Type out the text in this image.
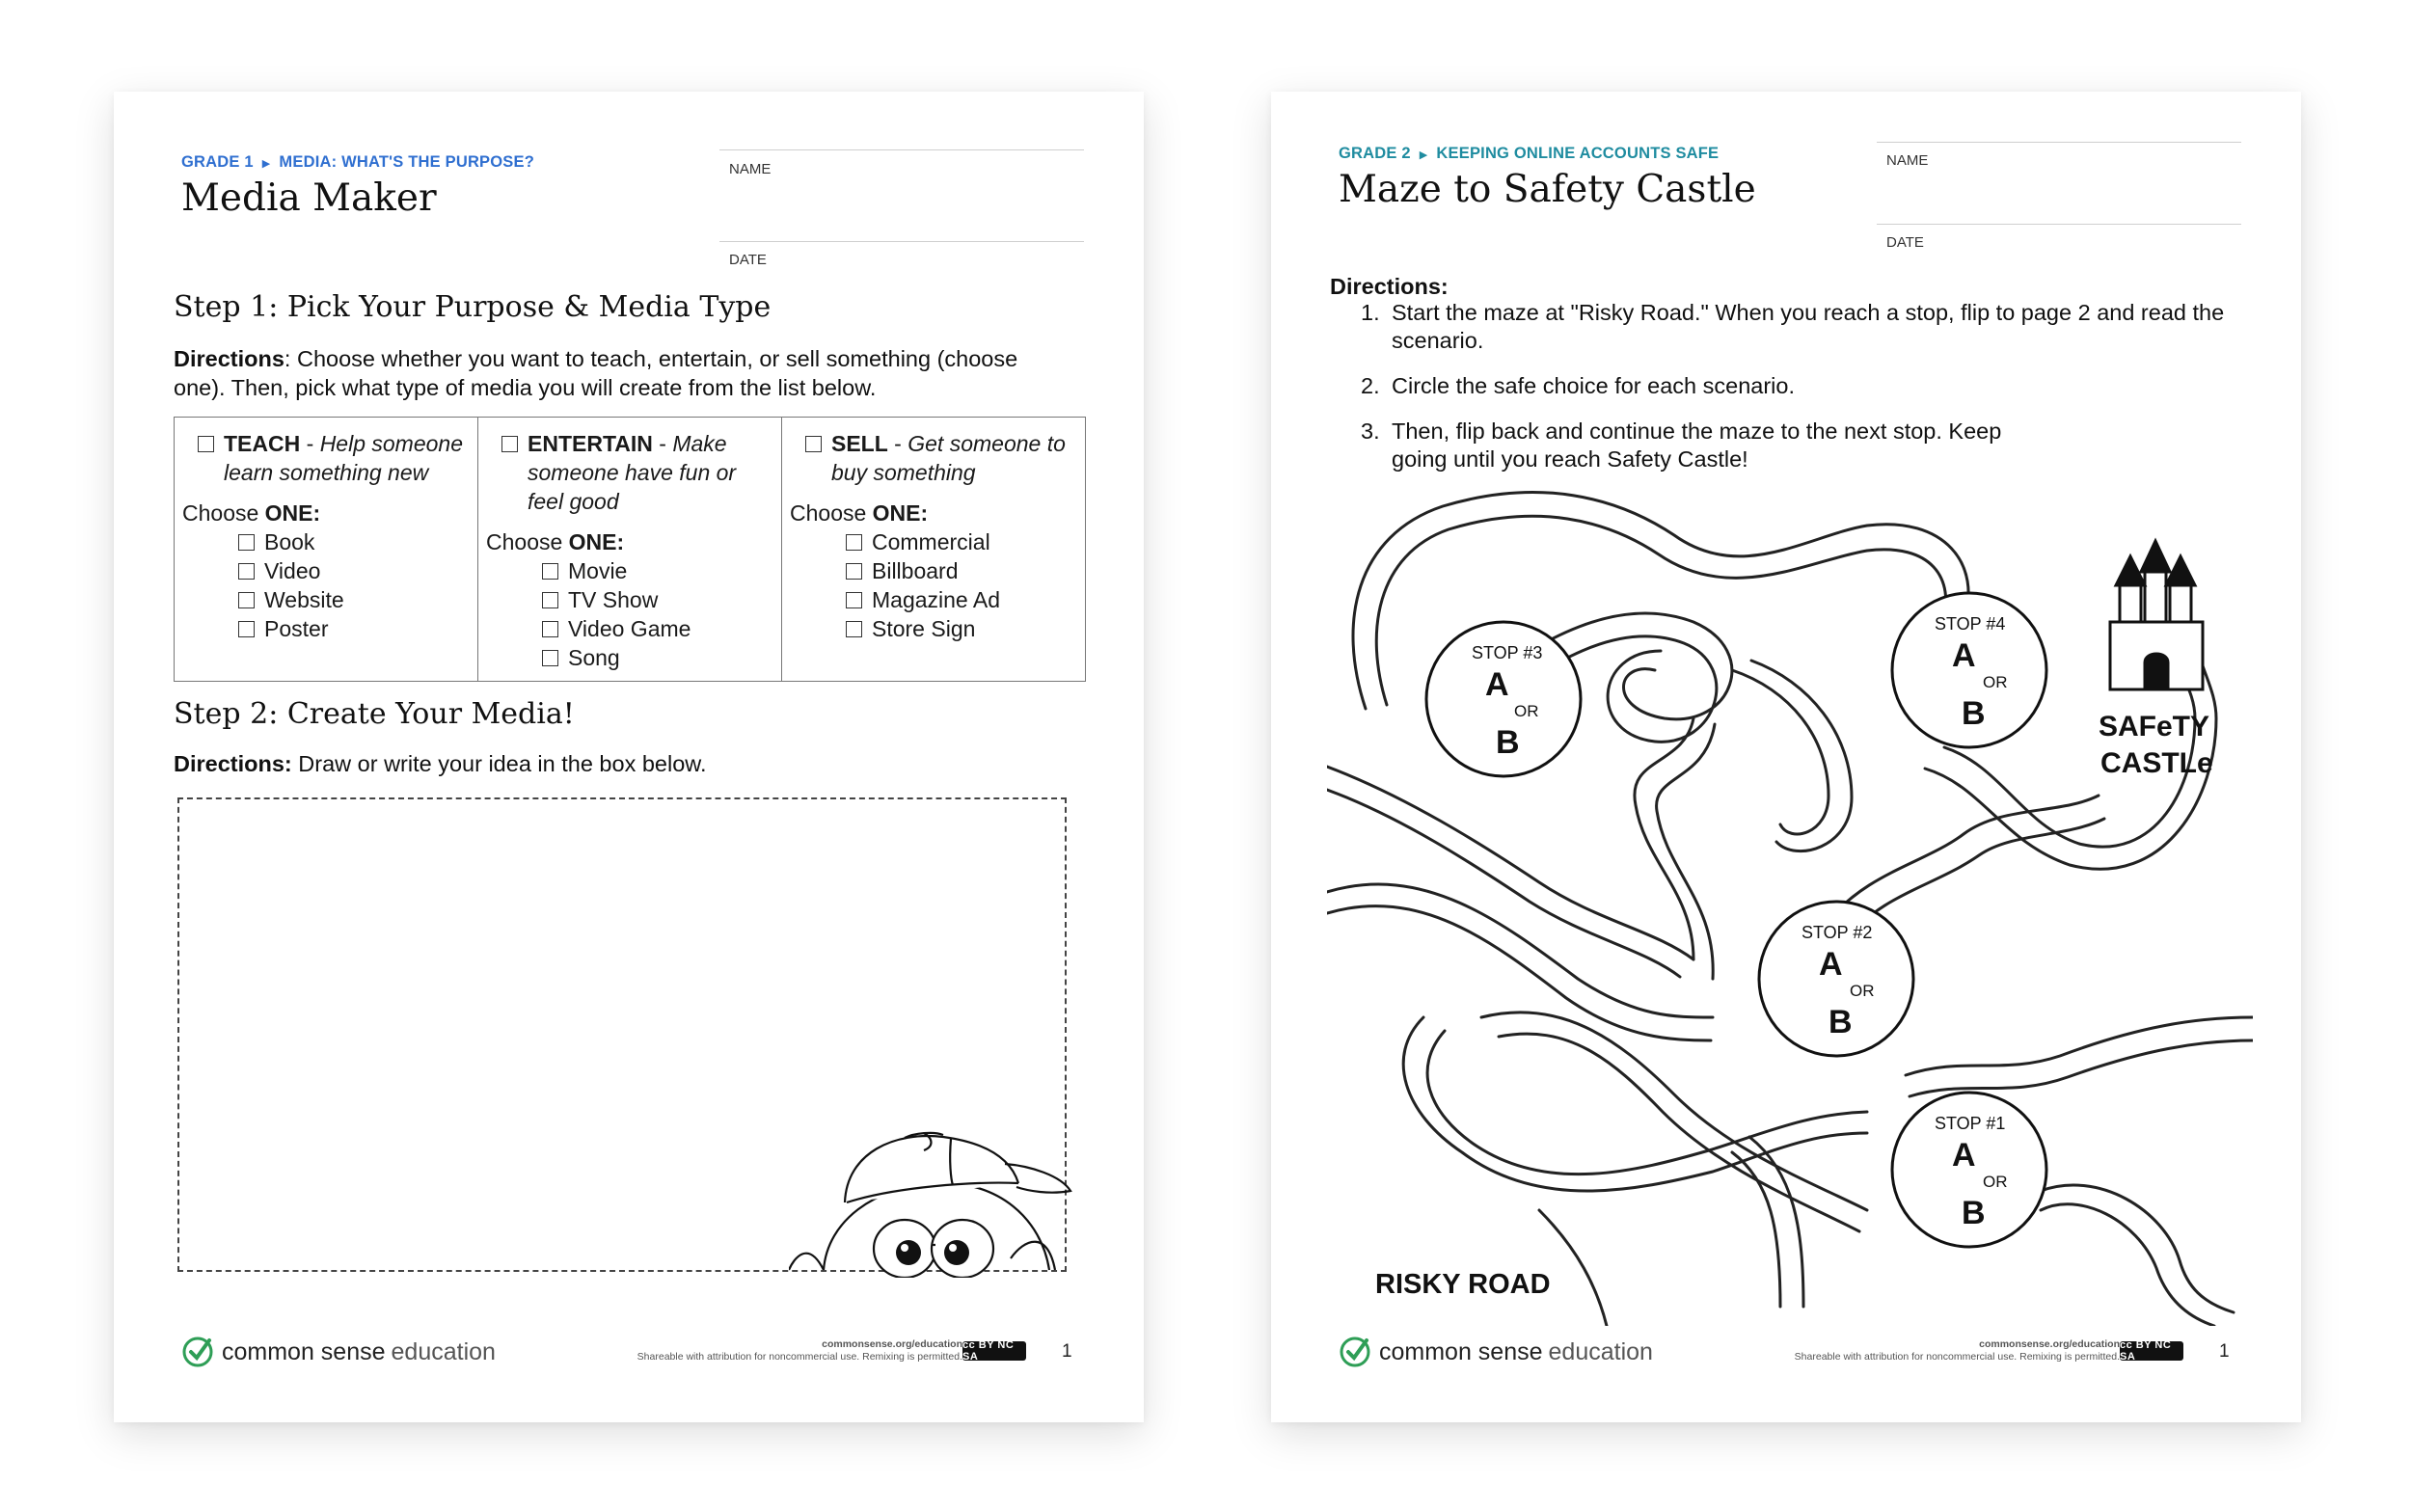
GRADE 1 ▶ MEDIA: WHAT'S THE PURPOSE?
Media Maker
NAME
DATE
Step 1: Pick Your Purpose & Media Type

Directions: Choose whether you want to teach, entertain, or sell something (choose one). Then, pick what type of media you will create from the list below.

TEACH - Help someone learn something new
Choose ONE:
Book
Video
Website
Poster
ENTERTAIN - Make someone have fun or feel good
Choose ONE:
Movie
TV Show
Video Game
Song
SELL - Get someone to buy something
Choose ONE:
Commercial
Billboard
Magazine Ad
Store Sign
Step 2: Create Your Media!

Directions: Draw or write your idea in the box below.

common sense education	commonsense.org/education
Shareable with attribution for noncommercial use. Remixing is permitted.
cc BY NC SA	1
GRADE 2 ▶ KEEPING ONLINE ACCOUNTS SAFE
Maze to Safety Castle
NAME
DATE
Directions:
1. Start the maze at "Risky Road." When you reach a stop, flip to page 2 and read the scenario.
2. Circle the safe choice for each scenario.
3. Then, flip back and continue the maze to the next stop. Keep going until you reach Safety Castle!
STOP #3
A
OR
B
STOP #4
A
OR
B
STOP #2
A
OR
B
STOP #1
A
OR
B
SAFeTY
CASTLe
RISKY ROAD
common sense education	commonsense.org/education
Shareable with attribution for noncommercial use. Remixing is permitted.
cc BY NC SA	1
